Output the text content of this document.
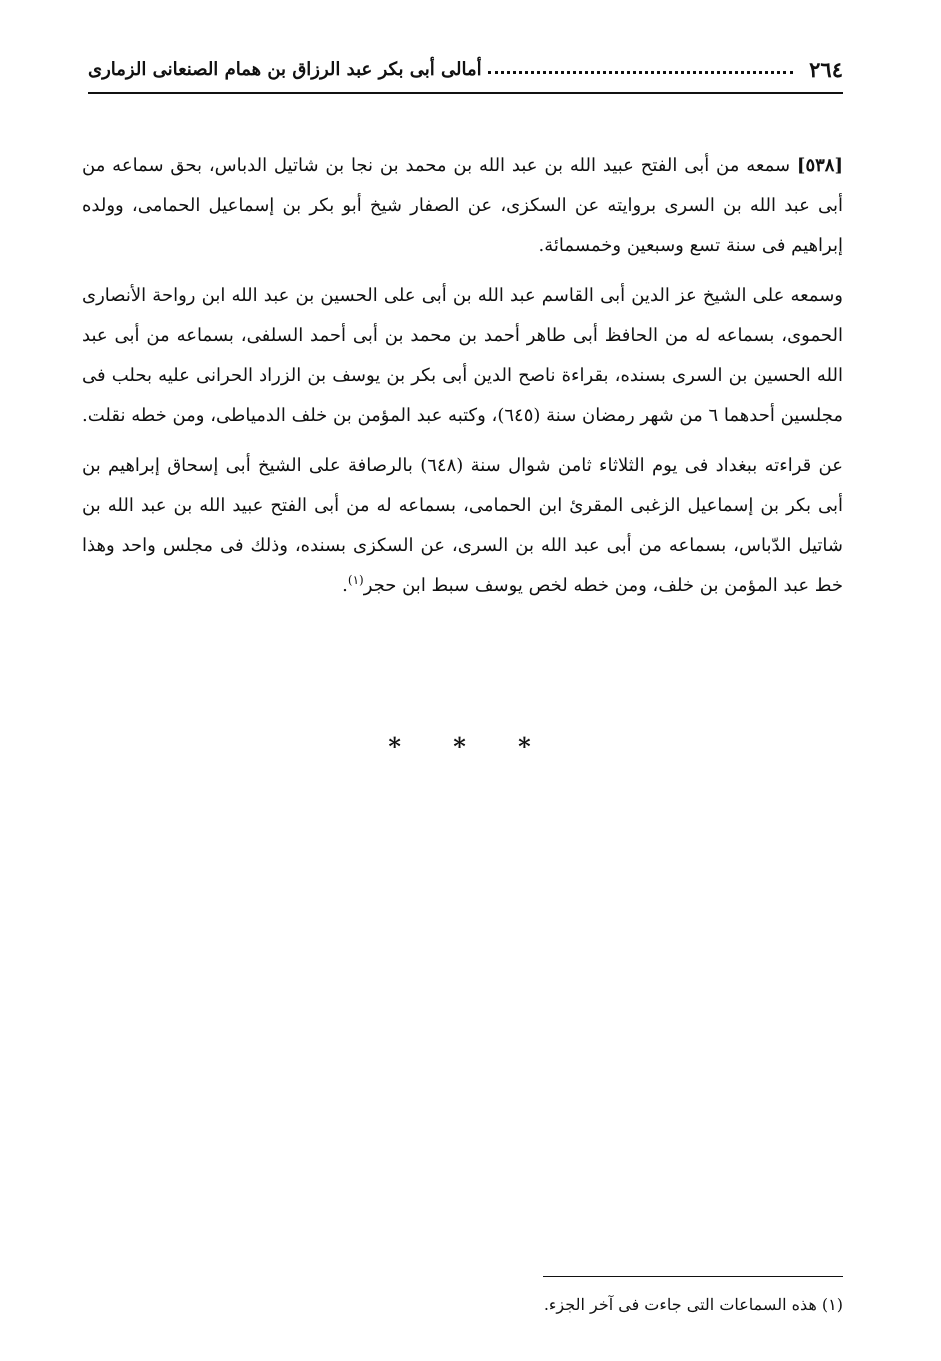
٢٦٤
أمالى أبى بكر عبد الرزاق بن همام الصنعانى الزمارى

[٥٣٨] سمعه من أبى الفتح عبيد الله بن عبد الله بن محمد بن نجا بن شاتيل الدباس، بحق سماعه من أبى عبد الله بن السرى بروايته عن السكزى، عن الصفار شيخ أبو بكر بن إسماعيل الحمامى، وولده إبراهيم فى سنة تسع وسبعين وخمسمائة.

وسمعه على الشيخ عز الدين أبى القاسم عبد الله بن أبى على الحسين بن عبد الله ابن رواحة الأنصارى الحموى، بسماعه له من الحافظ أبى طاهر أحمد بن محمد بن أبى أحمد السلفى، بسماعه من أبى عبد الله الحسين بن السرى بسنده، بقراءة ناصح الدين أبى بكر بن يوسف بن الزراد الحرانى عليه بحلب فى مجلسين أحدهما ٦ من شهر رمضان سنة (٦٤٥)، وكتبه عبد المؤمن بن خلف الدمياطى، ومن خطه نقلت.

عن قراءته ببغداد فى يوم الثلاثاء ثامن شوال سنة (٦٤٨) بالرصافة على الشيخ أبى إسحاق إبراهيم بن أبى بكر بن إسماعيل الزغبى المقرئ ابن الحمامى، بسماعه له من أبى الفتح عبيد الله بن عبد الله بن شاتيل الدّباس، بسماعه من أبى عبد الله بن السرى، عن السكزى بسنده، وذلك فى مجلس واحد وهذا خط عبد المؤمن بن خلف، ومن خطه لخص يوسف سبط ابن حجر$^{(١)}$.

* * *
(١) هذه السماعات التى جاءت فى آخر الجزء.
